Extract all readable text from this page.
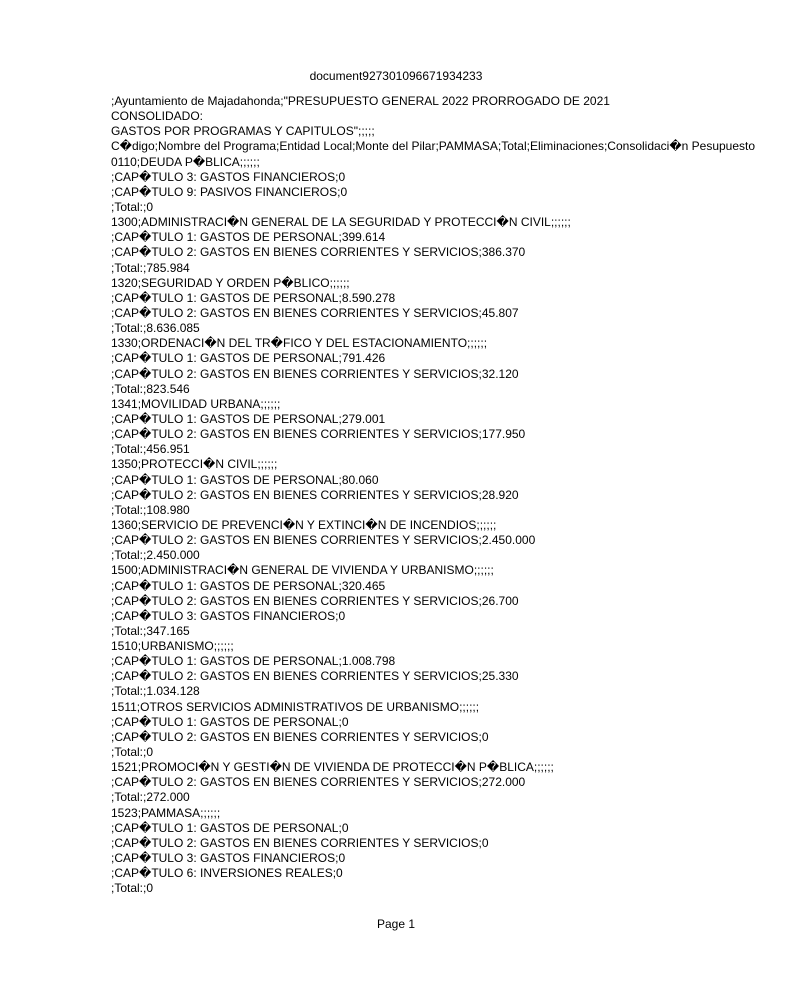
document927301096671934233
;Ayuntamiento de Majadahonda;"PRESUPUESTO GENERAL 2022 PRORROGADO DE 2021
CONSOLIDADO:
GASTOS POR PROGRAMAS Y CAPITULOS";;;;;
C�digo;Nombre del Programa;Entidad Local;Monte del Pilar;PAMMASA;Total;Eliminaciones;Consolidaci�n Pesupuesto
0110;DEUDA P�BLICA;;;;;;
;CAP�TULO 3: GASTOS FINANCIEROS;0
;CAP�TULO 9: PASIVOS FINANCIEROS;0
;Total:;0
1300;ADMINISTRACI�N GENERAL DE LA SEGURIDAD Y PROTECCI�N CIVIL;;;;;;
;CAP�TULO 1: GASTOS DE PERSONAL;399.614
;CAP�TULO 2: GASTOS EN BIENES CORRIENTES Y SERVICIOS;386.370
;Total:;785.984
1320;SEGURIDAD Y ORDEN P�BLICO;;;;;;
;CAP�TULO 1: GASTOS DE PERSONAL;8.590.278
;CAP�TULO 2: GASTOS EN BIENES CORRIENTES Y SERVICIOS;45.807
;Total:;8.636.085
1330;ORDENACI�N DEL TR�FICO Y DEL ESTACIONAMIENTO;;;;;;
;CAP�TULO 1: GASTOS DE PERSONAL;791.426
;CAP�TULO 2: GASTOS EN BIENES CORRIENTES Y SERVICIOS;32.120
;Total:;823.546
1341;MOVILIDAD URBANA;;;;;;
;CAP�TULO 1: GASTOS DE PERSONAL;279.001
;CAP�TULO 2: GASTOS EN BIENES CORRIENTES Y SERVICIOS;177.950
;Total:;456.951
1350;PROTECCI�N CIVIL;;;;;;
;CAP�TULO 1: GASTOS DE PERSONAL;80.060
;CAP�TULO 2: GASTOS EN BIENES CORRIENTES Y SERVICIOS;28.920
;Total:;108.980
1360;SERVICIO DE PREVENCI�N Y EXTINCI�N DE INCENDIOS;;;;;;
;CAP�TULO 2: GASTOS EN BIENES CORRIENTES Y SERVICIOS;2.450.000
;Total:;2.450.000
1500;ADMINISTRACI�N GENERAL DE VIVIENDA Y URBANISMO;;;;;;
;CAP�TULO 1: GASTOS DE PERSONAL;320.465
;CAP�TULO 2: GASTOS EN BIENES CORRIENTES Y SERVICIOS;26.700
;CAP�TULO 3: GASTOS FINANCIEROS;0
;Total:;347.165
1510;URBANISMO;;;;;;
;CAP�TULO 1: GASTOS DE PERSONAL;1.008.798
;CAP�TULO 2: GASTOS EN BIENES CORRIENTES Y SERVICIOS;25.330
;Total:;1.034.128
1511;OTROS SERVICIOS ADMINISTRATIVOS DE URBANISMO;;;;;;
;CAP�TULO 1: GASTOS DE PERSONAL;0
;CAP�TULO 2: GASTOS EN BIENES CORRIENTES Y SERVICIOS;0
;Total:;0
1521;PROMOCI�N Y GESTI�N DE VIVIENDA DE PROTECCI�N P�BLICA;;;;;;
;CAP�TULO 2: GASTOS EN BIENES CORRIENTES Y SERVICIOS;272.000
;Total:;272.000
1523;PAMMASA;;;;;;
;CAP�TULO 1: GASTOS DE PERSONAL;0
;CAP�TULO 2: GASTOS EN BIENES CORRIENTES Y SERVICIOS;0
;CAP�TULO 3: GASTOS FINANCIEROS;0
;CAP�TULO 6: INVERSIONES REALES;0
;Total:;0
Page 1
